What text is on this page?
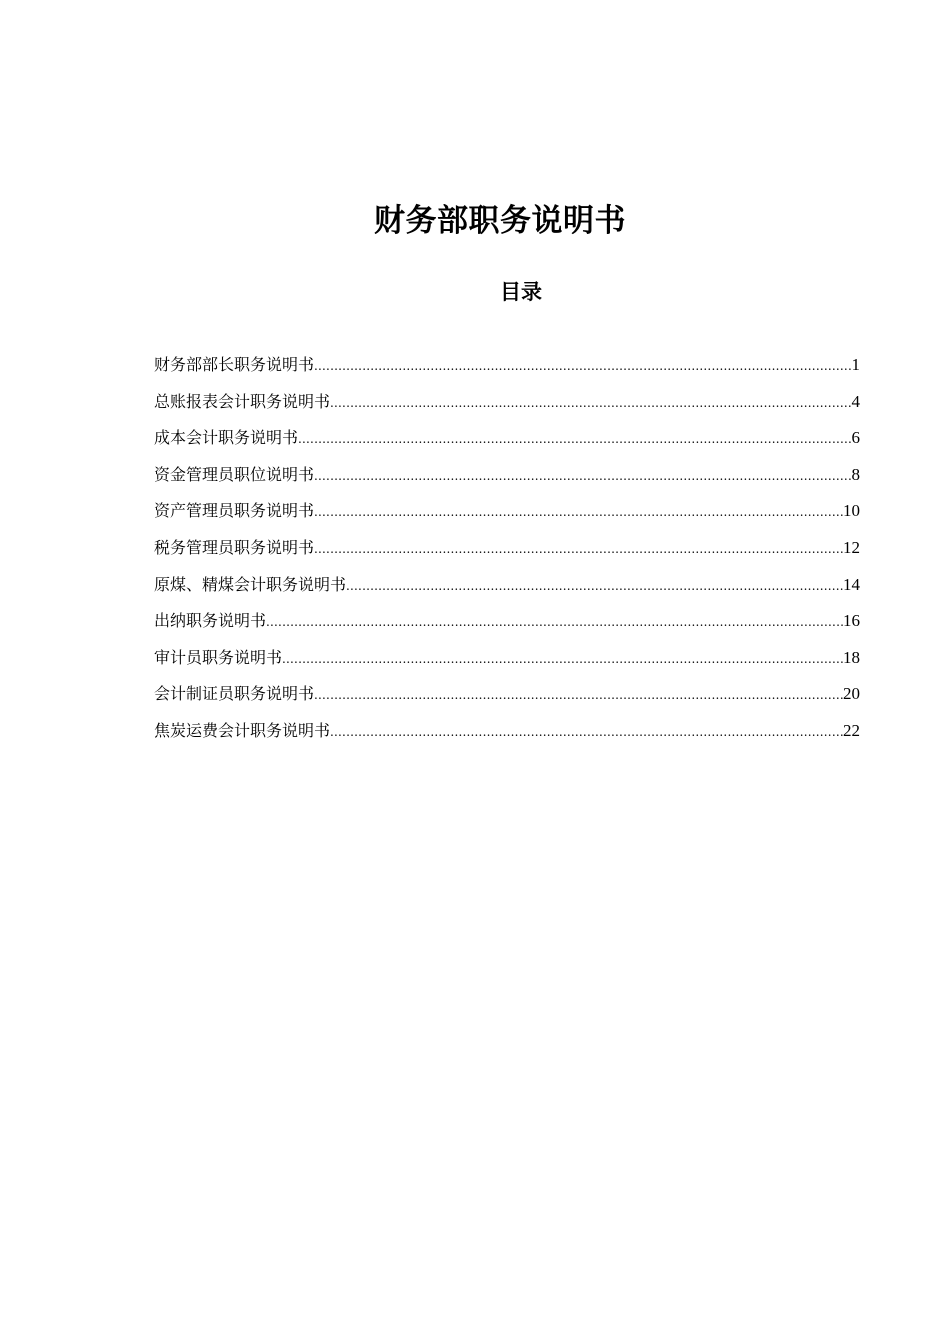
财务部职务说明书
目录
财务部部长职务说明书 .....	1
总账报表会计职务说明书 .....	4
成本会计职务说明书 .....	6
资金管理员职位说明书 .....	8
资产管理员职务说明书 .....	10
税务管理员职务说明书 .....	12
原煤、精煤会计职务说明书 .....	14
出纳职务说明书 .....	16
审计员职务说明书 .....	18
会计制证员职务说明书 .....	20
焦炭运费会计职务说明书 .....	22
